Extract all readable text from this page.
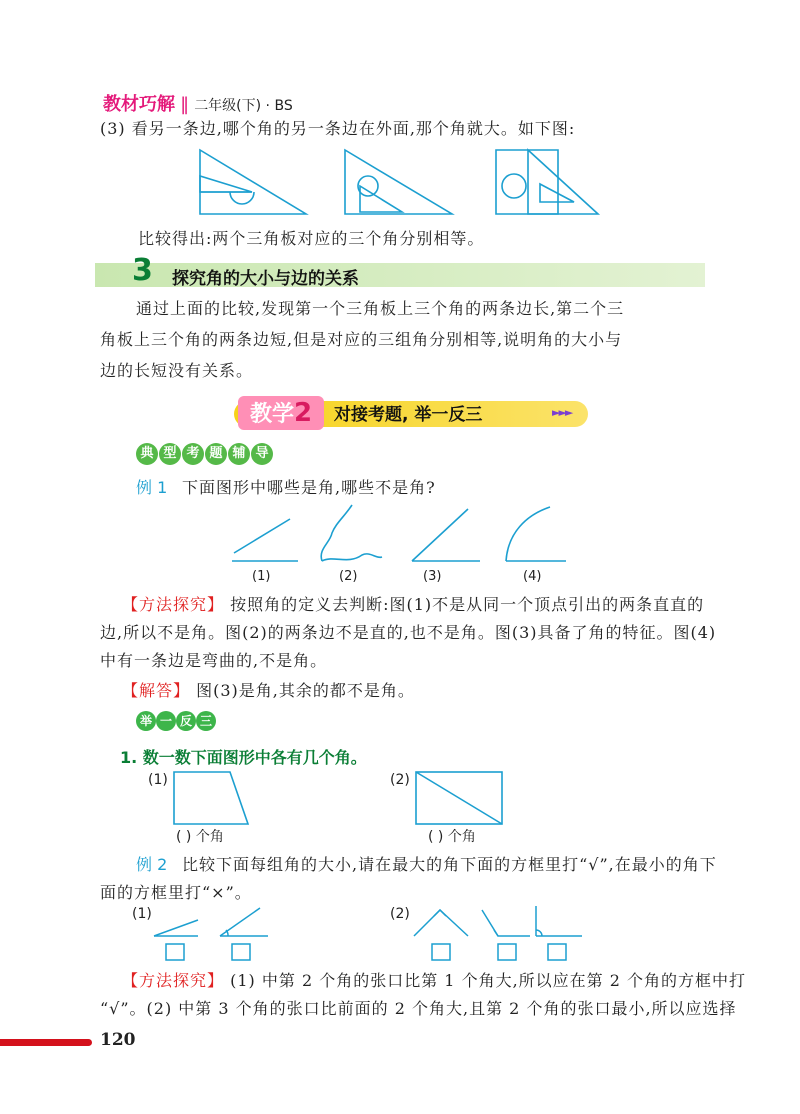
教材巧解 ‖ 二年级(下) · BS
(3) 看另一条边,哪个角的另一条边在外面,那个角就大。如下图:
比较得出:两个三角板对应的三个角分别相等。
3	探究角的大小与边的关系
通过上面的比较,发现第一个三角板上三个角的两条边长,第二个三
角板上三个角的两条边短,但是对应的三组角分别相等,说明角的大小与
边的长短没有关系。
教学2	对接考题, 举一反三	►►►
典 型 考 题 辅 导
例 1 下面图形中哪些是角,哪些不是角?
(1)	(2)	(3)	(4)
【方法探究】 按照角的定义去判断:图(1)不是从同一个顶点引出的两条直直的
边,所以不是角。图(2)的两条边不是直的,也不是角。图(3)具备了角的特征。图(4)
中有一条边是弯曲的,不是角。
【解答】 图(3)是角,其余的都不是角。
举 一 反 三
1. 数一数下面图形中各有几个角。
(1)	(2)
( ) 个角	( ) 个角
例 2 比较下面每组角的大小,请在最大的角下面的方框里打“√”,在最小的角下
面的方框里打“×”。
(1)	(2)
【方法探究】 (1) 中第 2 个角的张口比第 1 个角大,所以应在第 2 个角的方框中打
“√”。(2) 中第 3 个角的张口比前面的 2 个角大,且第 2 个角的张口最小,所以应选择
120
